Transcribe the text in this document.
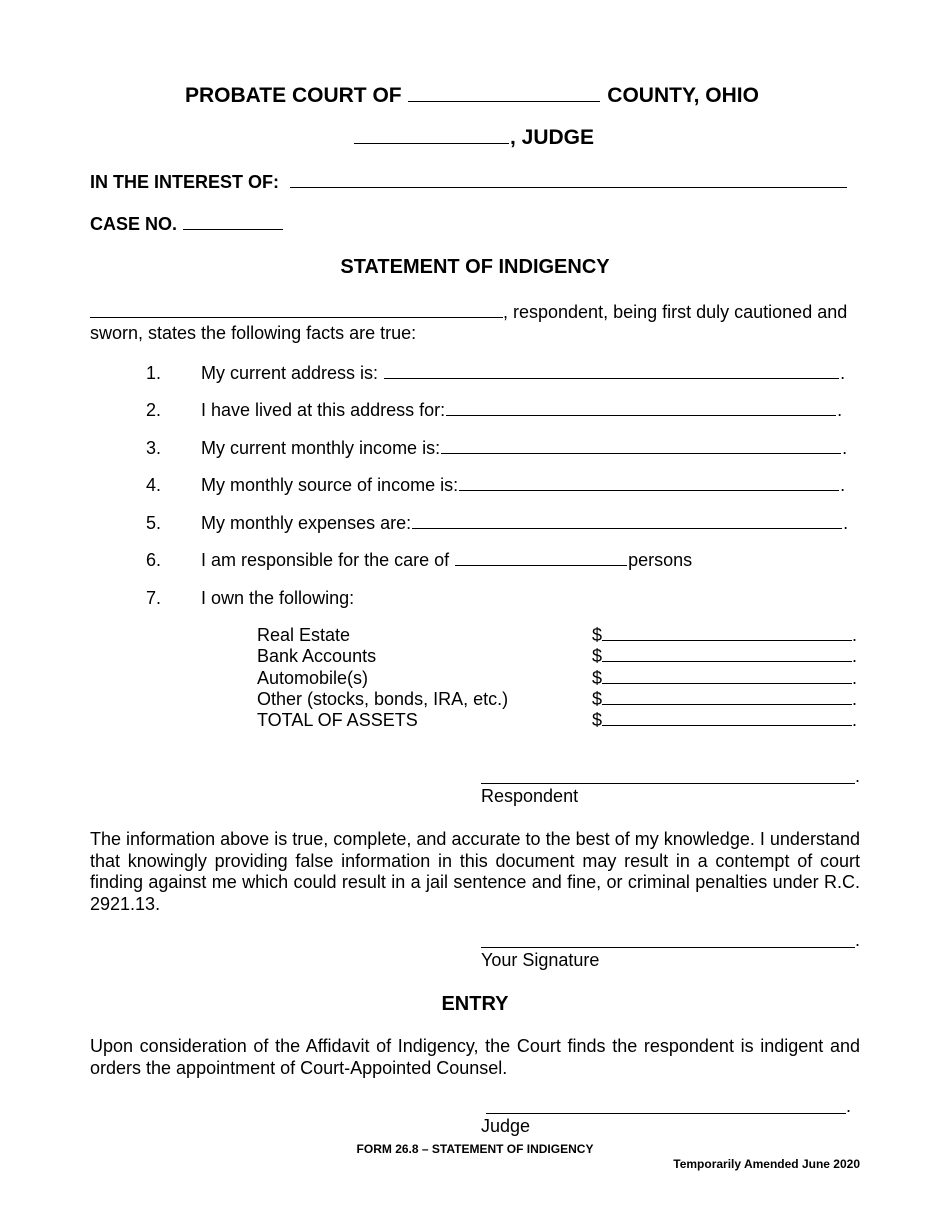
PROBATE COURT OF	COUNTY, OHIO
, JUDGE
IN THE INTEREST OF:
CASE NO.
STATEMENT OF INDIGENCY
, respondent, being first duly cautioned and
sworn, states the following facts are true:
1. My current address is:	.
2. I have lived at this address for:	.
3. My current monthly income is:	.
4. My monthly source of income is:	.
5. My monthly expenses are:	.
6. I am responsible for the care of	persons
7. I own the following:
Real Estate	$	.
Bank Accounts	$	.
Automobile(s)	$	.
Other (stocks, bonds, IRA, etc.)	$	.
TOTAL OF ASSETS	$	.
.
Respondent
The information above is true, complete, and accurate to the best of my knowledge. I understand that knowingly providing false information in this document may result in a contempt of court finding against me which could result in a jail sentence and fine, or criminal penalties under R.C. 2921.13.
.
Your Signature
ENTRY
Upon consideration of the Affidavit of Indigency, the Court finds the respondent is indigent and orders the appointment of Court-Appointed Counsel.
.
Judge
FORM 26.8 – STATEMENT OF INDIGENCY
Temporarily Amended June 2020
